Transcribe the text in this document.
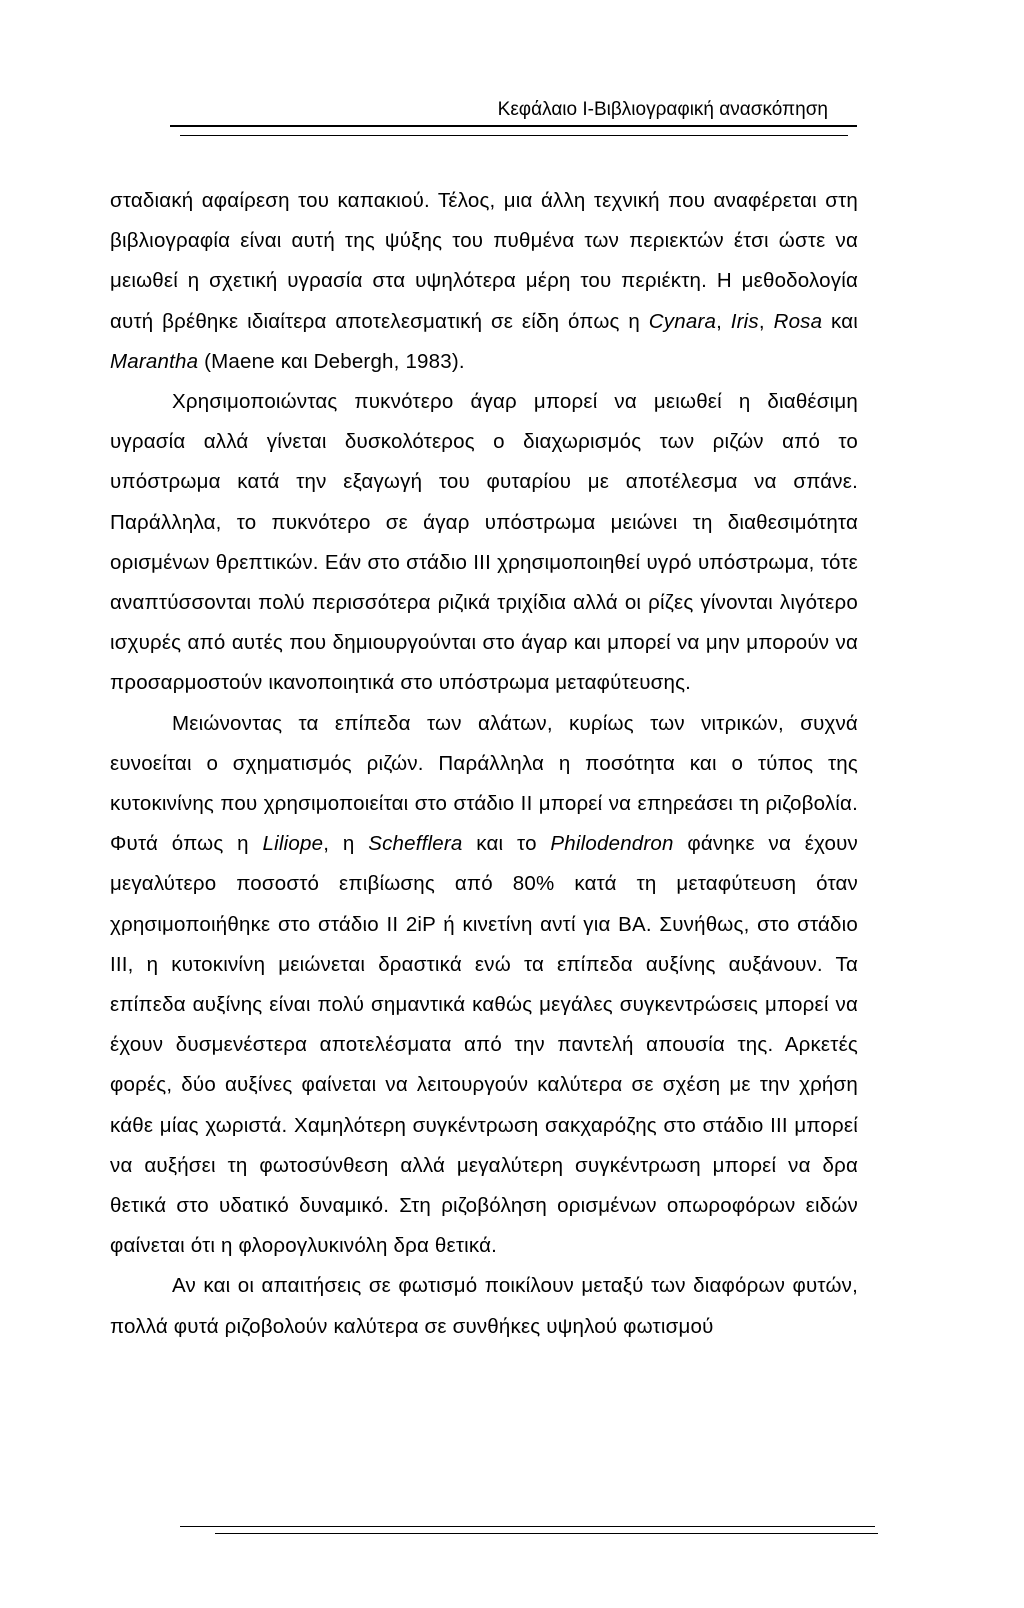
Κεφάλαιο I-Βιβλιογραφική ανασκόπηση

σταδιακή αφαίρεση του καπακιού. Τέλος, μια άλλη τεχνική που αναφέρεται στη βιβλιογραφία είναι αυτή της ψύξης του πυθμένα των περιεκτών έτσι ώστε να μειωθεί η σχετική υγρασία στα υψηλότερα μέρη του περιέκτη. Η μεθοδολογία αυτή βρέθηκε ιδιαίτερα αποτελεσματική σε είδη όπως η Cynara, Iris, Rosa και Marantha (Maene και Debergh, 1983).

Χρησιμοποιώντας πυκνότερο άγαρ μπορεί να μειωθεί η διαθέσιμη υγρασία αλλά γίνεται δυσκολότερος ο διαχωρισμός των ριζών από το υπόστρωμα κατά την εξαγωγή του φυταρίου με αποτέλεσμα να σπάνε. Παράλληλα, το πυκνότερο σε άγαρ υπόστρωμα μειώνει τη διαθεσιμότητα ορισμένων θρεπτικών. Εάν στο στάδιο III χρησιμοποιηθεί υγρό υπόστρωμα, τότε αναπτύσσονται πολύ περισσότερα ριζικά τριχίδια αλλά οι ρίζες γίνονται λιγότερο ισχυρές από αυτές που δημιουργούνται στο άγαρ και μπορεί να μην μπορούν να προσαρμοστούν ικανοποιητικά στο υπόστρωμα μεταφύτευσης.

Μειώνοντας τα επίπεδα των αλάτων, κυρίως των νιτρικών, συχνά ευνοείται ο σχηματισμός ριζών. Παράλληλα η ποσότητα και ο τύπος της κυτοκινίνης που χρησιμοποιείται στο στάδιο II μπορεί να επηρεάσει τη ριζοβολία. Φυτά όπως η Liliope, η Schefflera και το Philodendron φάνηκε να έχουν μεγαλύτερο ποσοστό επιβίωσης από 80% κατά τη μεταφύτευση όταν χρησιμοποιήθηκε στο στάδιο II 2iP ή κινετίνη αντί για ΒΑ. Συνήθως, στο στάδιο III, η κυτοκινίνη μειώνεται δραστικά ενώ τα επίπεδα αυξίνης αυξάνουν. Τα επίπεδα αυξίνης είναι πολύ σημαντικά καθώς μεγάλες συγκεντρώσεις μπορεί να έχουν δυσμενέστερα αποτελέσματα από την παντελή απουσία της. Αρκετές φορές, δύο αυξίνες φαίνεται να λειτουργούν καλύτερα σε σχέση με την χρήση κάθε μίας χωριστά. Χαμηλότερη συγκέντρωση σακχαρόζης στο στάδιο III μπορεί να αυξήσει τη φωτοσύνθεση αλλά μεγαλύτερη συγκέντρωση μπορεί να δρα θετικά στο υδατικό δυναμικό. Στη ριζοβόληση ορισμένων οπωροφόρων ειδών φαίνεται ότι η φλορογλυκινόλη δρα θετικά.

Αν και οι απαιτήσεις σε φωτισμό ποικίλουν μεταξύ των διαφόρων φυτών, πολλά φυτά ριζοβολούν καλύτερα σε συνθήκες υψηλού φωτισμού
